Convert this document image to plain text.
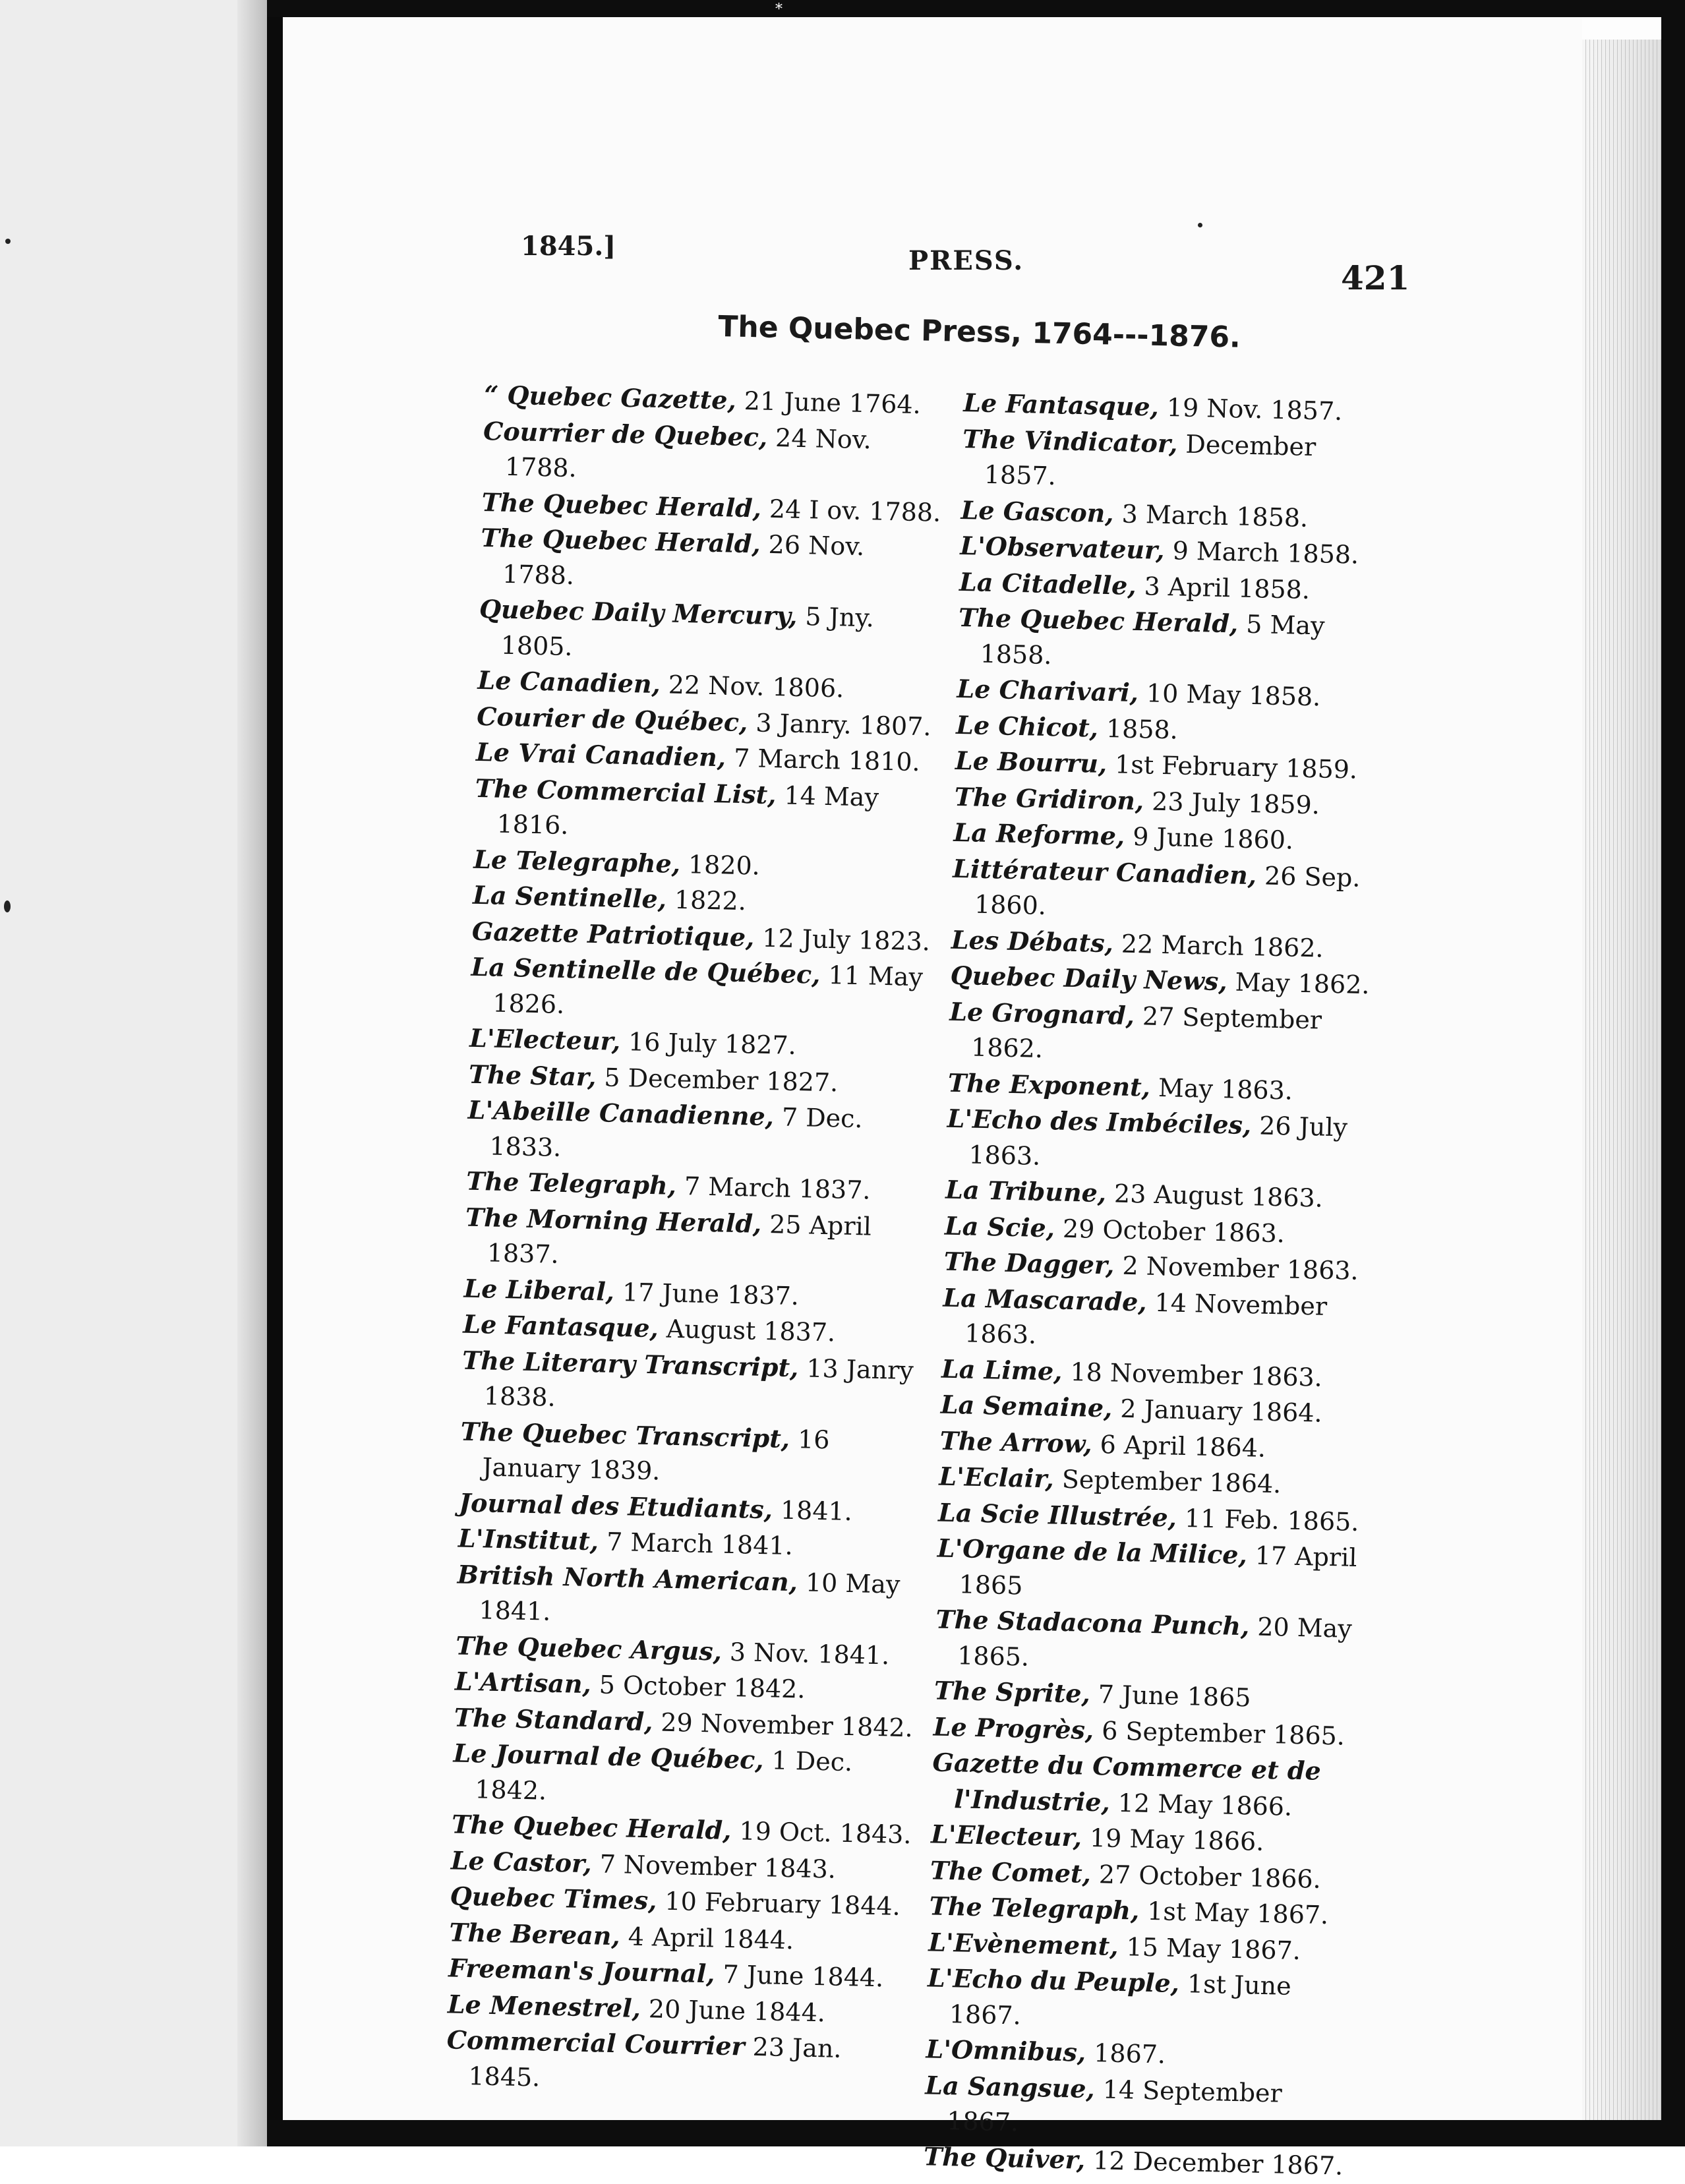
*
1845.]	PRESS.	421
The Quebec Press, 1764---1876.
“ Quebec Gazette, 21 June 1764.
Courrier de Quebec, 24 Nov. 1788.
The Quebec Herald, 24 I ov. 1788.
The Quebec Herald, 26 Nov. 1788.
Quebec Daily Mercury, 5 Jny. 1805.
Le Canadien, 22 Nov. 1806.
Courier de Québec, 3 Janry. 1807.
Le Vrai Canadien, 7 March 1810.
The Commercial List, 14 May 1816.
Le Telegraphe, 1820.
La Sentinelle, 1822.
Gazette Patriotique, 12 July 1823.
La Sentinelle de Québec, 11 May 1826.
L'Electeur, 16 July 1827.
The Star, 5 December 1827.
L'Abeille Canadienne, 7 Dec. 1833.
The Telegraph, 7 March 1837.
The Morning Herald, 25 April 1837.
Le Liberal, 17 June 1837.
Le Fantasque, August 1837.
The Literary Transcript, 13 Janry 1838.
The Quebec Transcript, 16 January 1839.
Journal des Etudiants, 1841.
L'Institut, 7 March 1841.
British North American, 10 May 1841.
The Quebec Argus, 3 Nov. 1841.
L'Artisan, 5 October 1842.
The Standard, 29 November 1842.
Le Journal de Québec, 1 Dec. 1842.
The Quebec Herald, 19 Oct. 1843.
Le Castor, 7 November 1843.
Quebec Times, 10 February 1844.
The Berean, 4 April 1844.
Freeman's Journal, 7 June 1844.
Le Menestrel, 20 June 1844.
Commercial Courrier 23 Jan. 1845.
Le Fantasque, 19 Nov. 1857.
The Vindicator, December 1857.
Le Gascon, 3 March 1858.
L'Observateur, 9 March 1858.
La Citadelle, 3 April 1858.
The Quebec Herald, 5 May 1858.
Le Charivari, 10 May 1858.
Le Chicot, 1858.
Le Bourru, 1st February 1859.
The Gridiron, 23 July 1859.
La Reforme, 9 June 1860.
Littérateur Canadien, 26 Sep. 1860.
Les Débats, 22 March 1862.
Quebec Daily News, May 1862.
Le Grognard, 27 September 1862.
The Exponent, May 1863.
L'Echo des Imbéciles, 26 July 1863.
La Tribune, 23 August 1863.
La Scie, 29 October 1863.
The Dagger, 2 November 1863.
La Mascarade, 14 November 1863.
La Lime, 18 November 1863.
La Semaine, 2 January 1864.
The Arrow, 6 April 1864.
L'Eclair, September 1864.
La Scie Illustrée, 11 Feb. 1865.
L'Organe de la Milice, 17 April 1865
The Stadacona Punch, 20 May 1865.
The Sprite, 7 June 1865
Le Progrès, 6 September 1865.
Gazette du Commerce et de l'Industrie, 12 May 1866.
L'Electeur, 19 May 1866.
The Comet, 27 October 1866.
The Telegraph, 1st May 1867.
L'Evènement, 15 May 1867.
L'Echo du Peuple, 1st June 1867.
L'Omnibus, 1867.
La Sangsue, 14 September 1867.
The Quiver, 12 December 1867.
